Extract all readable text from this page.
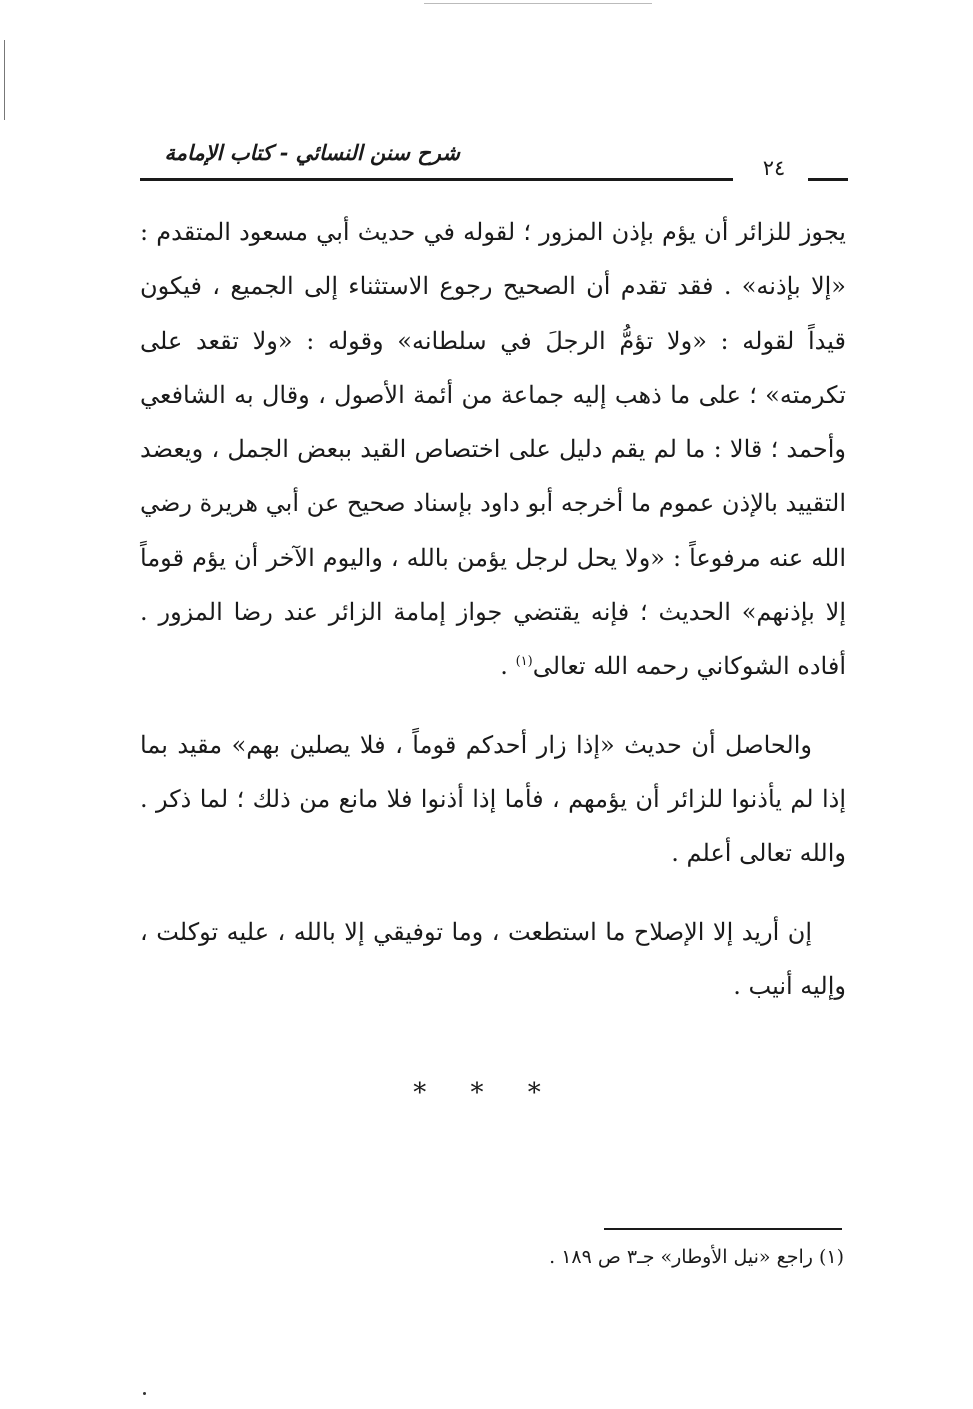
شرح سنن النسائي - كتاب الإمامة
٢٤

يجوز للزائر أن يؤم بإذن المزور ؛ لقوله في حديث أبي مسعود المتقدم : «إلا بإذنه» . فقد تقدم أن الصحيح رجوع الاستثناء إلى الجميع ، فيكون قيداً لقوله : «ولا تؤمُّ الرجلَ في سلطانه» وقوله : «ولا تقعد على تكرمته» ؛ على ما ذهب إليه جماعة من أئمة الأصول ، وقال به الشافعي وأحمد ؛ قالا : ما لم يقم دليل على اختصاص القيد ببعض الجمل ، ويعضد التقييد بالإذن عموم ما أخرجه أبو داود بإسناد صحيح عن أبي هريرة رضي الله عنه مرفوعاً : «ولا يحل لرجل يؤمن بالله ، واليوم الآخر أن يؤم قوماً إلا بإذنهم» الحديث ؛ فإنه يقتضي جواز إمامة الزائر عند رضا المزور . أفاده الشوكاني رحمه الله تعالى$^{(١)}$ .

والحاصل أن حديث «إذا زار أحدكم قوماً ، فلا يصلين بهم» مقيد بما إذا لم يأذنوا للزائر أن يؤمهم ، فأما إذا أذنوا فلا مانع من ذلك ؛ لما ذكر . والله تعالى أعلم .

إن أريد إلا الإصلاح ما استطعت ، وما توفيقي إلا بالله ، عليه توكلت ، وإليه أنيب .

* * *
(١) راجع «نيل الأوطار» جـ٣ ص ١٨٩ .
